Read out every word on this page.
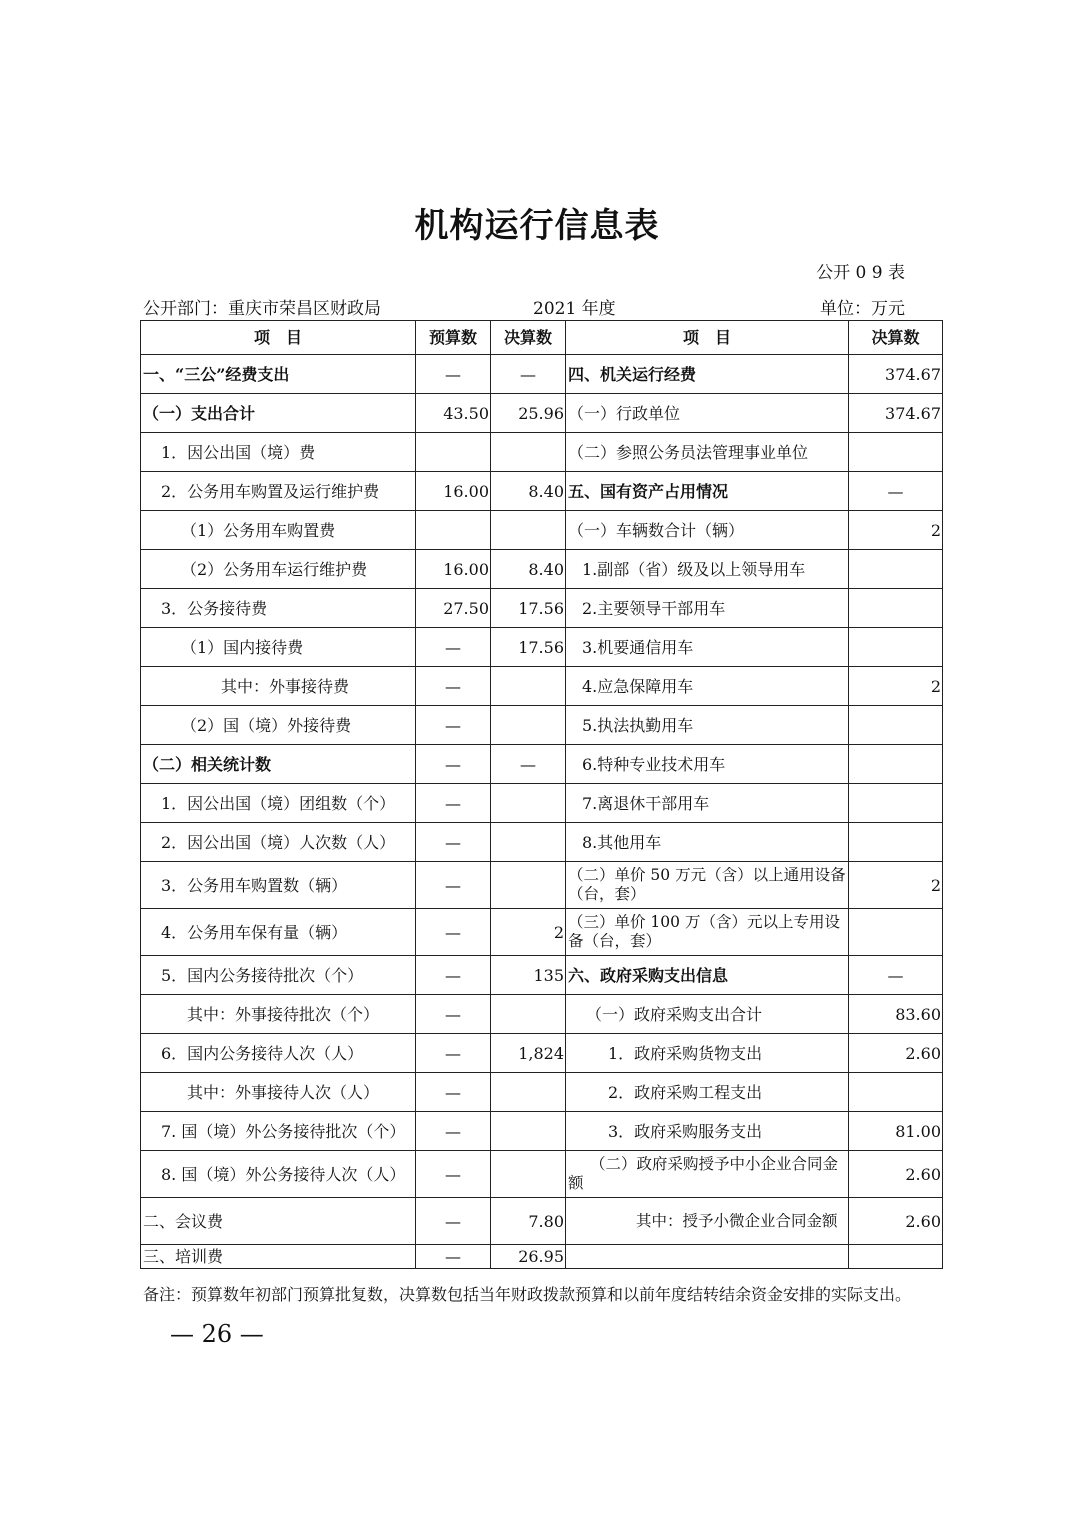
机构运行信息表
公开 0 9 表
公开部门：重庆市荣昌区财政局	2021 年度	单位：万元
项　目	预算数	决算数	项　目	决算数
一、“三公”经费支出	—	—	四、机关运行经费	374.67
（一）支出合计	43.50	25.96	（一）行政单位	374.67
1．因公出国（境）费			（二）参照公务员法管理事业单位	
2．公务用车购置及运行维护费	16.00	8.40	五、国有资产占用情况	—
（1）公务用车购置费			（一）车辆数合计（辆）	2
（2）公务用车运行维护费	16.00	8.40	1.副部（省）级及以上领导用车	
3．公务接待费	27.50	17.56	2.主要领导干部用车	
（1）国内接待费	—	17.56	3.机要通信用车	
其中：外事接待费	—		4.应急保障用车	2
（2）国（境）外接待费	—		5.执法执勤用车	
（二）相关统计数	—	—	6.特种专业技术用车	
1．因公出国（境）团组数（个）	—		7.离退休干部用车	
2．因公出国（境）人次数（人）	—		8.其他用车	
3．公务用车购置数（辆）	—		（二）单价 50 万元（含）以上通用设备（台，套）	2
4．公务用车保有量（辆）	—	2	（三）单价 100 万（含）元以上专用设备（台，套）	
5．国内公务接待批次（个）	—	135	六、政府采购支出信息	—
其中：外事接待批次（个）	—		（一）政府采购支出合计	83.60
6．国内公务接待人次（人）	—	1,824	1．政府采购货物支出	2.60
其中：外事接待人次（人）	—		2．政府采购工程支出	
7. 国（境）外公务接待批次（个）	—		3．政府采购服务支出	81.00
8. 国（境）外公务接待人次（人）	—		（二）政府采购授予中小企业合同金额	2.60
二、会议费	—	7.80	其中：授予小微企业合同金额	2.60
三、培训费	—	26.95		
备注：预算数年初部门预算批复数，决算数包括当年财政拨款预算和以前年度结转结余资金安排的实际支出。
— 26 —
